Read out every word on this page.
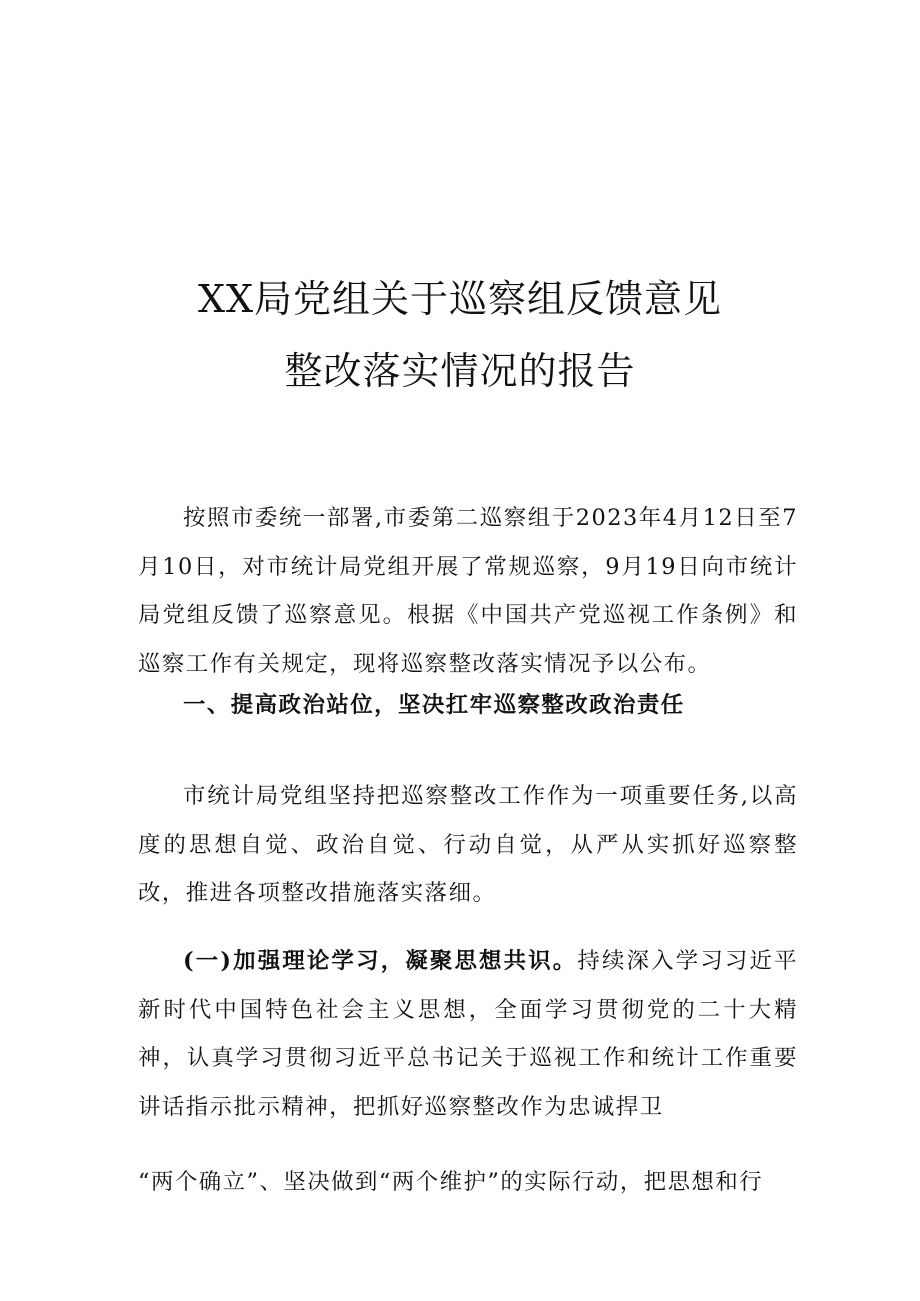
XX局党组关于巡察组反馈意见
整改落实情况的报告

按照市委统一部署,市委第二巡察组于2023年4月12日至7月10日，对市统计局党组开展了常规巡察，9月19日向市统计局党组反馈了巡察意见。根据《中国共产党巡视工作条例》和巡察工作有关规定，现将巡察整改落实情况予以公布。

一、提高政治站位，坚决扛牢巡察整改政治责任

市统计局党组坚持把巡察整改工作作为一项重要任务,以高度的思想自觉、政治自觉、行动自觉，从严从实抓好巡察整改，推进各项整改措施落实落细。

(一)加强理论学习，凝聚思想共识。持续深入学习习近平新时代中国特色社会主义思想，全面学习贯彻党的二十大精神，认真学习贯彻习近平总书记关于巡视工作和统计工作重要讲话指示批示精神，把抓好巡察整改作为忠诚捍卫

“两个确立”、坚决做到“两个维护”的实际行动，把思想和行
